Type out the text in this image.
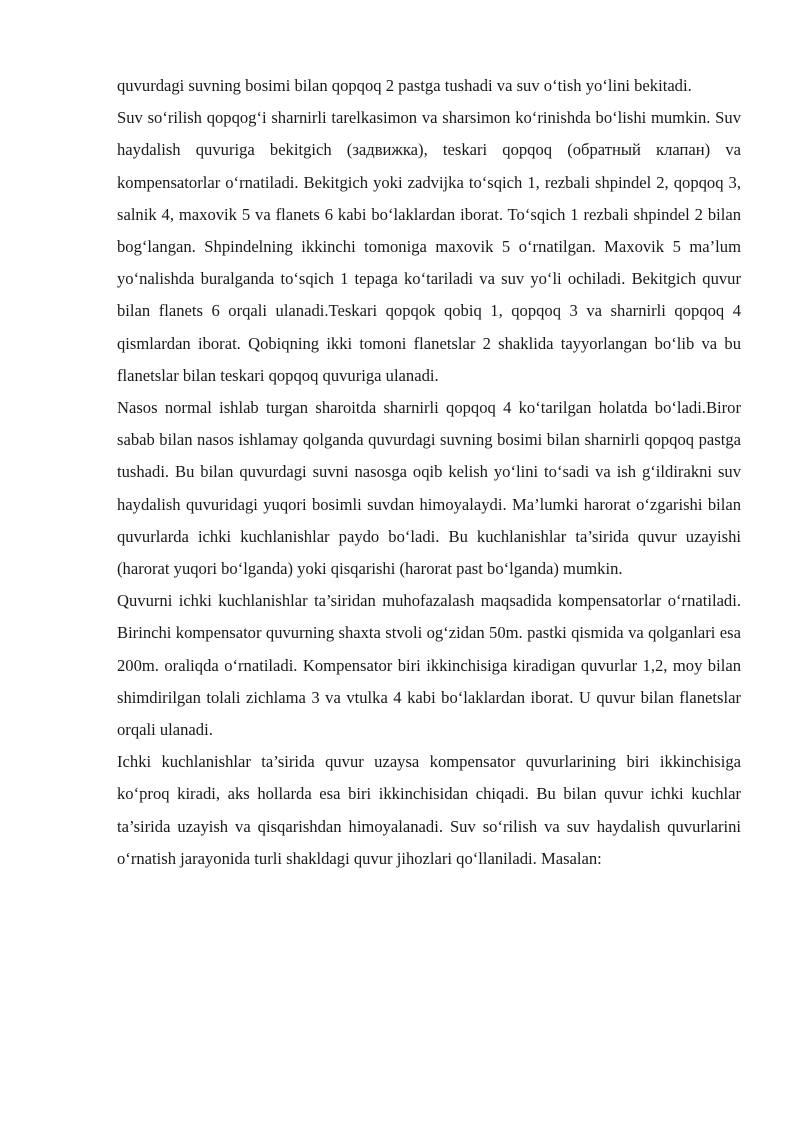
quvurdagi suvning bosimi bilan qopqoq 2 pastga tushadi va suv o‘tish yo‘lini bekitadi.

Suv so‘rilish qopqog‘i sharnirli tarelkasimon va sharsimon ko‘rinishda bo‘lishi mumkin. Suv haydalish quvuriga bekitgich (задвижка), teskari qopqoq (обратный клапан) va kompensatorlar o‘rnatiladi. Bekitgich yoki zadvijka to‘sqich 1, rezbali shpindel 2, qopqoq 3, salnik 4, maxovik 5 va flanets 6 kabi bo‘laklardan iborat. To‘sqich 1 rezbali shpindel 2 bilan bog‘langan. Shpindelning ikkinchi tomoniga maxovik 5 o‘rnatilgan. Maxovik 5 ma’lum yo‘nalishda buralganda to‘sqich 1 tepaga ko‘tariladi va suv yo‘li ochiladi. Bekitgich quvur bilan flanets 6 orqali ulanadi.Teskari qopqok qobiq 1, qopqoq 3 va sharnirli qopqoq 4 qismlardan iborat. Qobiqning ikki tomoni flanetslar 2 shaklida tayyorlangan bo‘lib va bu flanetslar bilan teskari qopqoq quvuriga ulanadi.

Nasos normal ishlab turgan sharoitda sharnirli qopqoq 4 ko‘tarilgan holatda bo‘ladi.Biror sabab bilan nasos ishlamay qolganda quvurdagi suvning bosimi bilan sharnirli qopqoq pastga tushadi. Bu bilan quvurdagi suvni nasosga oqib kelish yo‘lini to‘sadi va ish g‘ildirakni suv haydalish quvuridagi yuqori bosimli suvdan himoyalaydi. Ma’lumki harorat o‘zgarishi bilan quvurlarda ichki kuchlanishlar paydo bo‘ladi. Bu kuchlanishlar ta’sirida quvur uzayishi (harorat yuqori bo‘lganda) yoki qisqarishi (harorat past bo‘lganda) mumkin.

Quvurni ichki kuchlanishlar ta’siridan muhofazalash maqsadida kompensatorlar o‘rnatiladi. Birinchi kompensator quvurning shaxta stvoli og‘zidan 50m. pastki qismida va qolganlari esa 200m. oraliqda o‘rnatiladi. Kompensator biri ikkinchisiga kiradigan quvurlar 1,2, moy bilan shimdirilgan tolali zichlama 3 va vtulka 4 kabi bo‘laklardan iborat. U quvur bilan flanetslar orqali ulanadi.

Ichki kuchlanishlar ta’sirida quvur uzaysa kompensator quvurlarining biri ikkinchisiga ko‘proq kiradi, aks hollarda esa biri ikkinchisidan chiqadi. Bu bilan quvur ichki kuchlar ta’sirida uzayish va qisqarishdan himoyalanadi. Suv so‘rilish va suv haydalish quvurlarini o‘rnatish jarayonida turli shakldagi quvur jihozlari qo‘llaniladi. Masalan:
